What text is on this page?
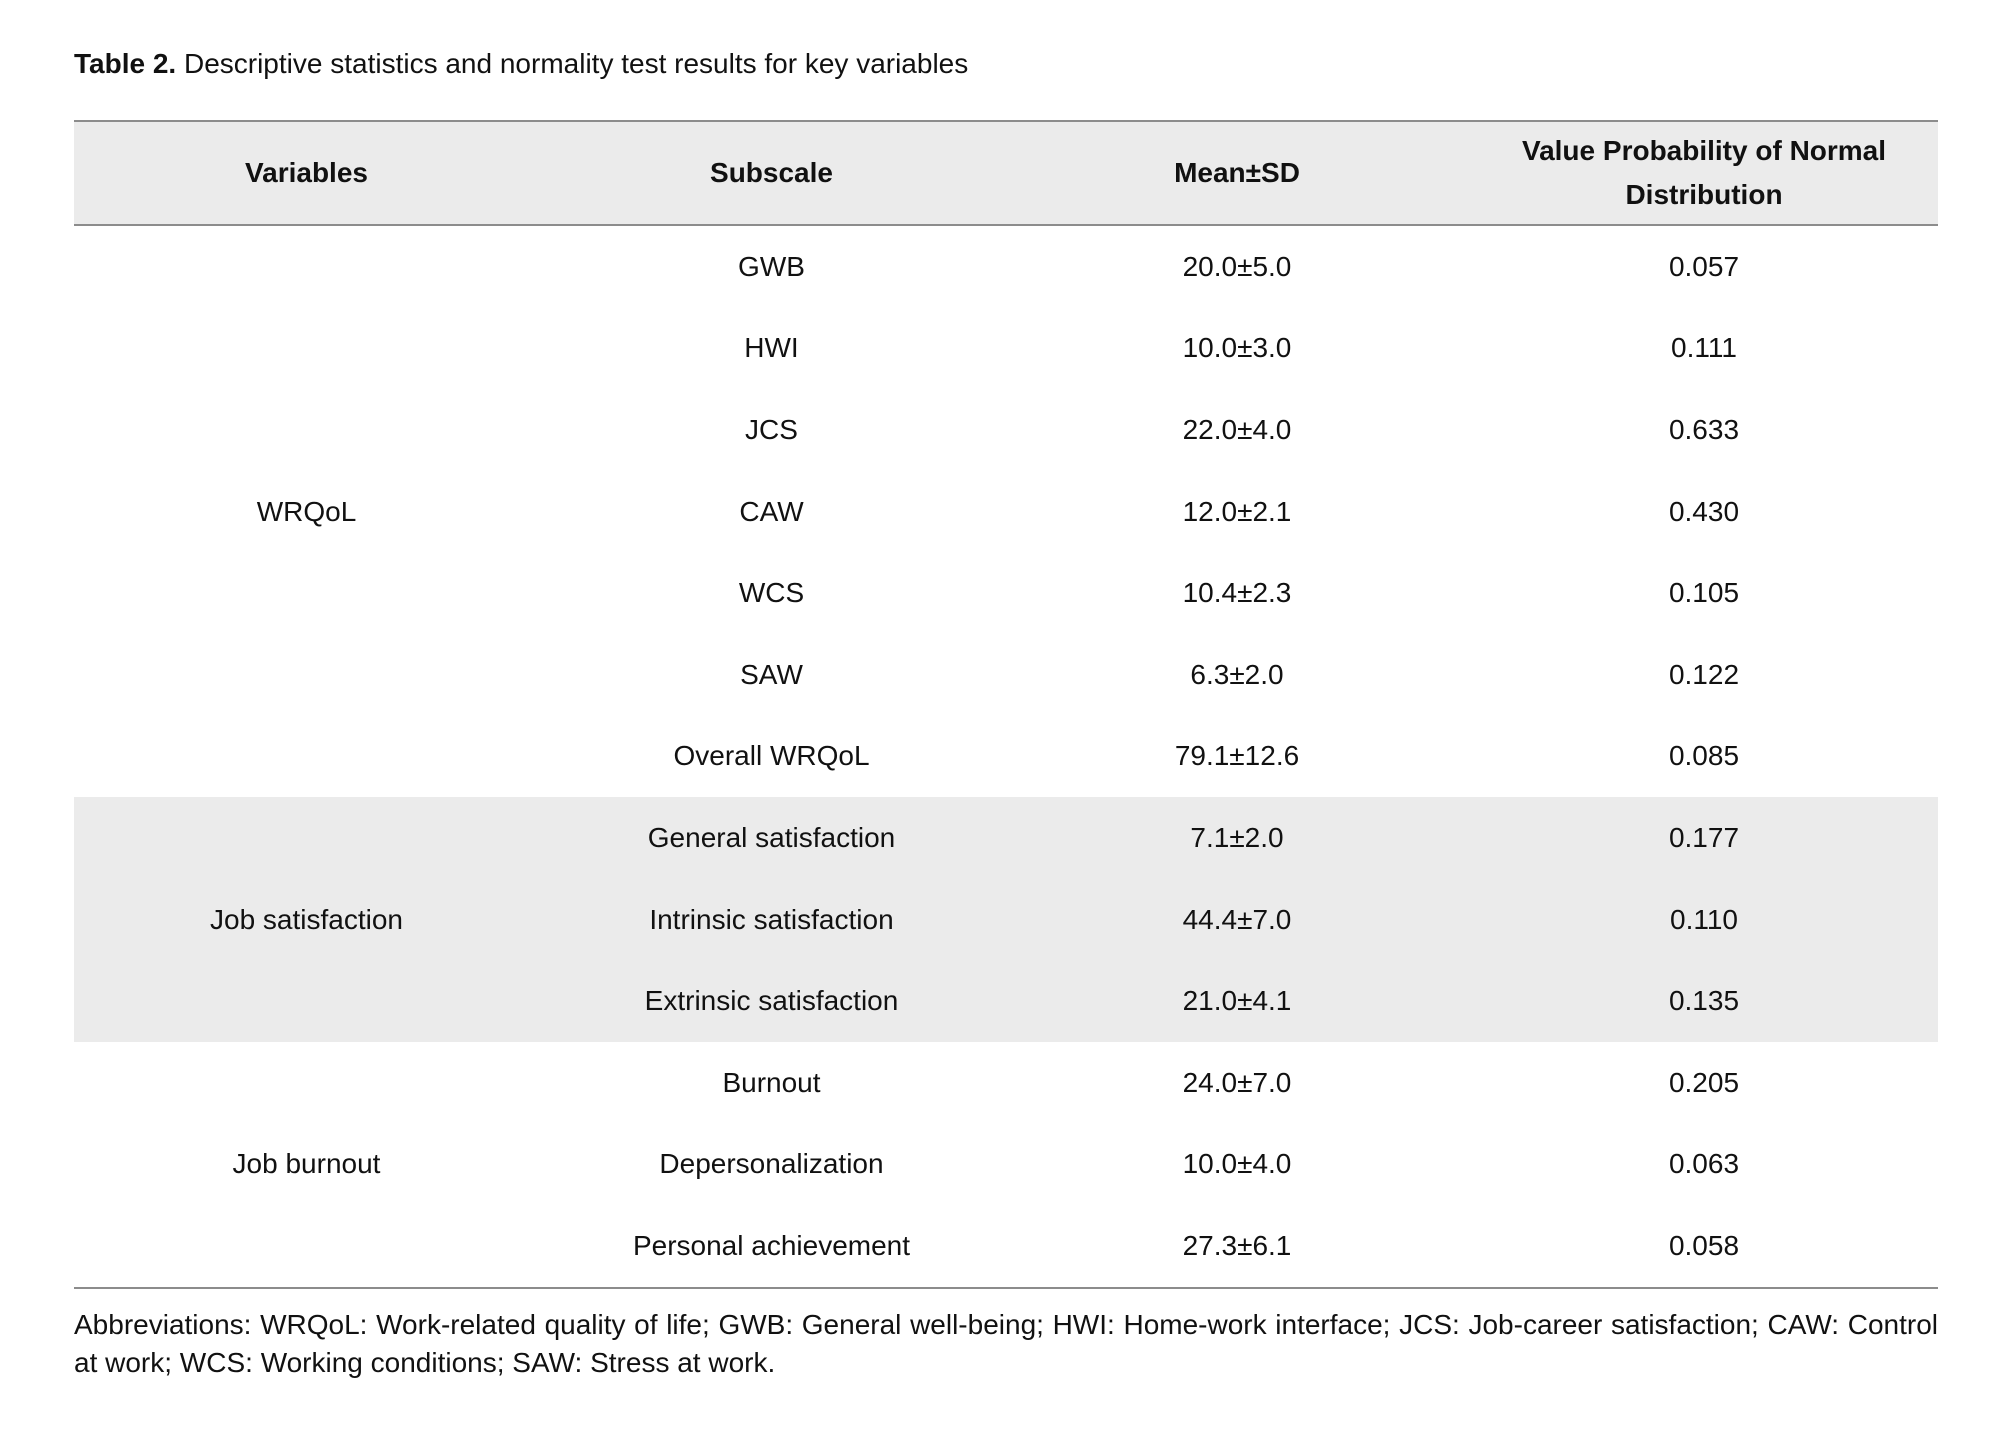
Table 2. Descriptive statistics and normality test results for key variables
Variables	Subscale	Mean±SD	Value Probability of Normal Distribution
WRQoL	GWB	20.0±5.0	0.057
	HWI	10.0±3.0	0.111
	JCS	22.0±4.0	0.633
	CAW	12.0±2.1	0.430
	WCS	10.4±2.3	0.105
	SAW	6.3±2.0	0.122
	Overall WRQoL	79.1±12.6	0.085
Job satisfaction	General satisfaction	7.1±2.0	0.177
	Intrinsic satisfaction	44.4±7.0	0.110
	Extrinsic satisfaction	21.0±4.1	0.135
Job burnout	Burnout	24.0±7.0	0.205
	Depersonalization	10.0±4.0	0.063
	Personal achievement	27.3±6.1	0.058
Abbreviations: WRQoL: Work-related quality of life; GWB: General well-being; HWI: Home-work interface; JCS: Job-career satisfaction; CAW: Control at work; WCS: Working conditions; SAW: Stress at work.
